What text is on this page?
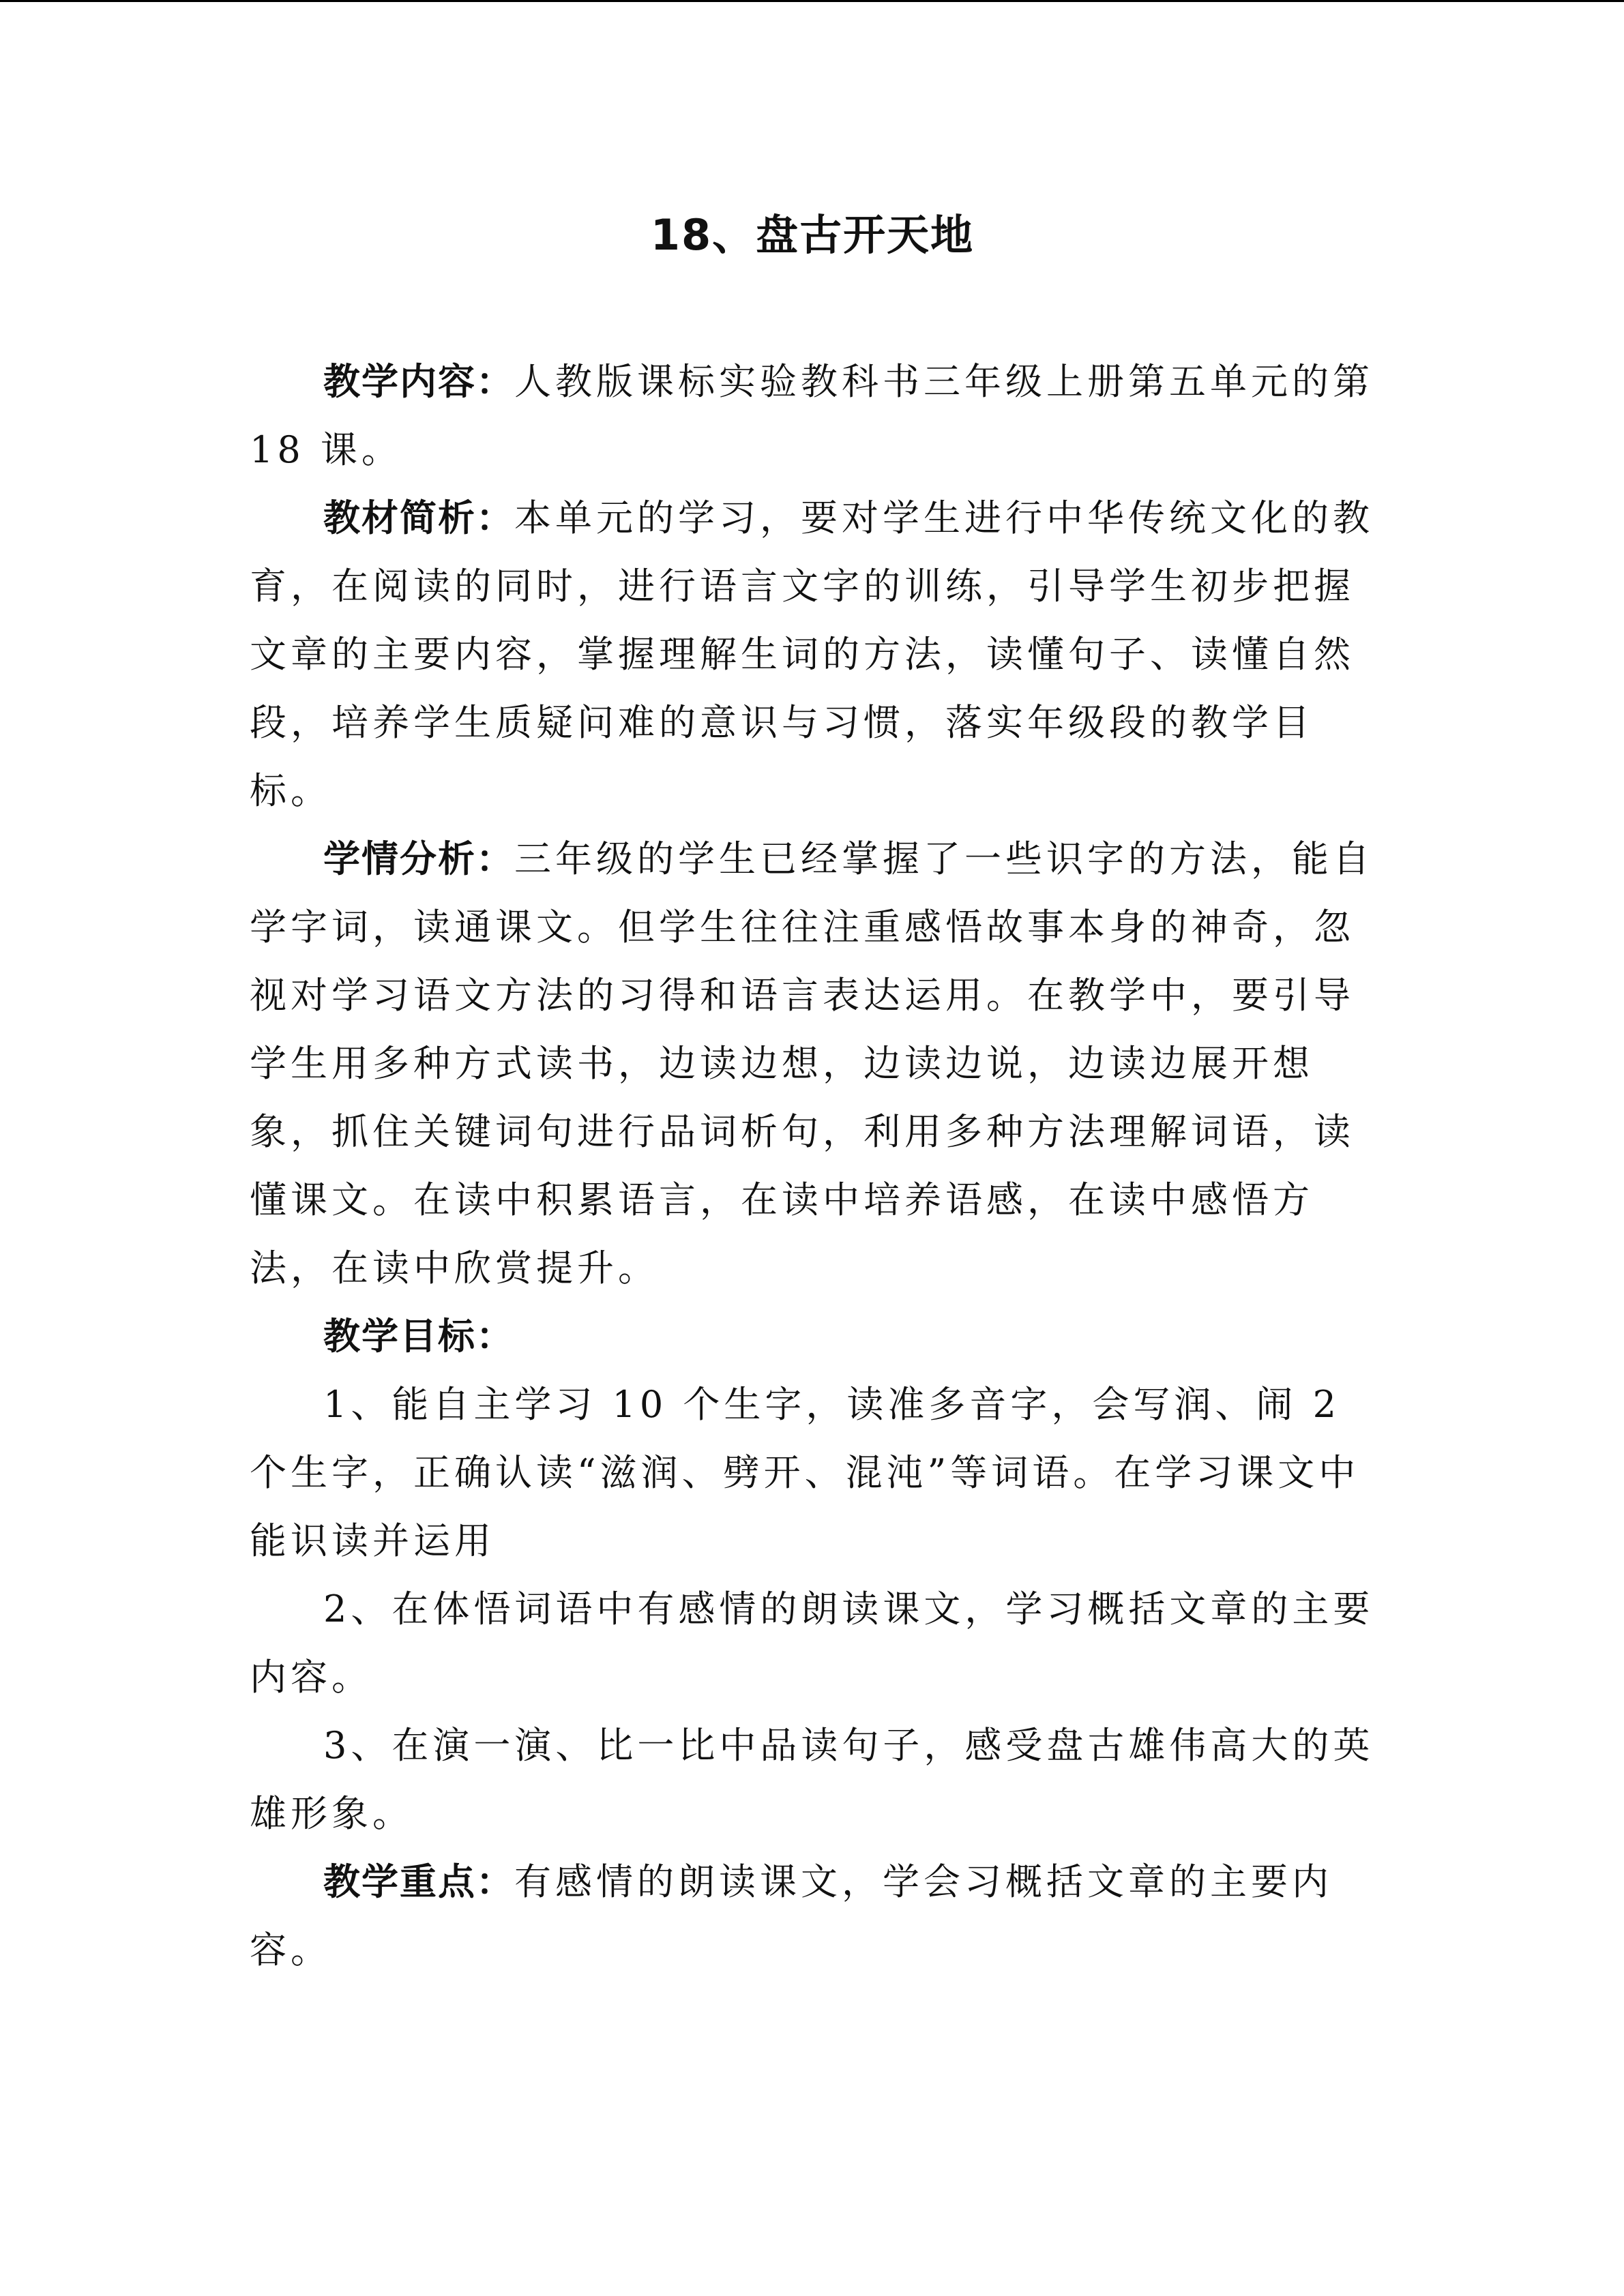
18、盘古开天地

教学内容：人教版课标实验教科书三年级上册第五单元的第 18 课。

教材简析：本单元的学习，要对学生进行中华传统文化的教育，在阅读的同时，进行语言文字的训练，引导学生初步把握文章的主要内容，掌握理解生词的方法，读懂句子、读懂自然段，培养学生质疑问难的意识与习惯，落实年级段的教学目标。

学情分析：三年级的学生已经掌握了一些识字的方法，能自学字词，读通课文。但学生往往注重感悟故事本身的神奇，忽视对学习语文方法的习得和语言表达运用。在教学中，要引导学生用多种方式读书，边读边想，边读边说，边读边展开想象，抓住关键词句进行品词析句，利用多种方法理解词语，读懂课文。在读中积累语言，在读中培养语感，在读中感悟方法，在读中欣赏提升。

教学目标：

1、能自主学习 10 个生字，读准多音字，会写润、闹 2 个生字，正确认读“滋润、劈开、混沌”等词语。在学习课文中能识读并运用

2、在体悟词语中有感情的朗读课文，学习概括文章的主要内容。

3、在演一演、比一比中品读句子，感受盘古雄伟高大的英雄形象。

教学重点：有感情的朗读课文，学会习概括文章的主要内容。
